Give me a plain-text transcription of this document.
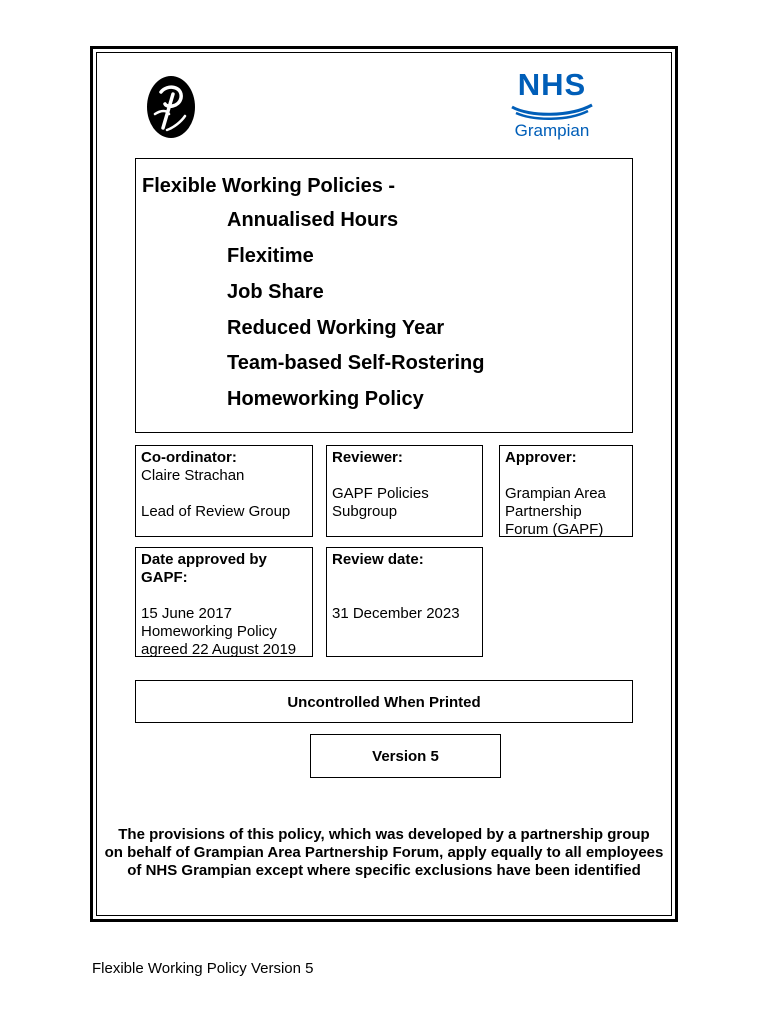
NHS
Grampian
Flexible Working Policies -
Annualised Hours
Flexitime
Job Share
Reduced Working Year
Team-based Self-Rostering
Homeworking Policy
Co-ordinator:
Claire Strachan
Lead of Review Group
Reviewer:
GAPF Policies
Subgroup
Approver:
Grampian Area
Partnership
Forum (GAPF)
Date approved by
GAPF:
15 June 2017
Homeworking Policy
agreed 22 August 2019
Review date:
31 December 2023
Uncontrolled When Printed
Version 5
The provisions of this policy, which was developed by a partnership group
on behalf of Grampian Area Partnership Forum, apply equally to all employees
of NHS Grampian except where specific exclusions have been identified
Flexible Working Policy Version 5
